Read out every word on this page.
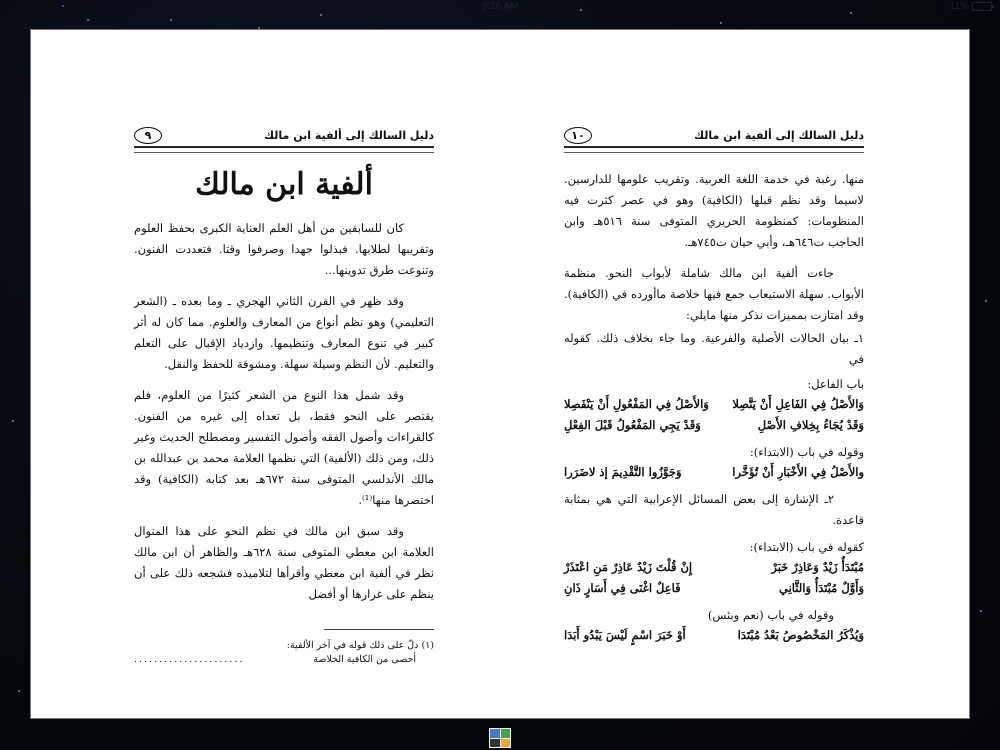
9:26 AM	11%
دليل السالك إلى ألفية ابن مالك
٩
ألفية ابن مالك

كان للسابقين من أهل العلم العناية الكبرى بحفظ العلوم وتقريبها لطلابها. فبذلوا جهدا وصرفوا وقتا. فتعددت الفنون. وتنوعت طرق تدوينها...

وقد ظهر في القرن الثاني الهجري ـ وما بعده ـ (الشعر التعليمي) وهو نظم أنواع من المعارف والعلوم. مما كان له أثر كبير في تنوع المعارف وتنظيمها. وازدياد الإقبال على التعلم والتعليم. لأن النظم وسيلة سهلة. ومشوقة للحفظ والنقل.

وقد شمل هذا النوع من الشعر كثيرًا من العلوم، فلم يقتصر على النحو فقط، بل تعداه إلى غيره من الفنون. كالقراءات وأصول الفقه وأصول التفسير ومصطلح الحديث وغير ذلك، ومن ذلك (الألفية) التي نظمها العلامة محمد بن عبدالله بن مالك الأندلسي المتوفى سنة ٦٧٢هـ بعد كتابه (الكافية) وقد اختصرها منها⁽¹⁾.

وقد سبق ابن مالك في نظم النحو على هذا المنوال العلامة ابن معطي المتوفى سنة ٦٢٨هـ والظاهر أن ابن مالك نظر في ألفية ابن معطي وأقرأها لتلاميذه فشجعه ذلك على أن ينظم على غرارها أو أفضل

(١) دلّ على ذلك قوله في آخر الألفية:
أحصى من الكافية الخلاصة
......................
دليل السالك إلى ألفية ابن مالك
١٠

منها. رغبة في خدمة اللغة العربية. وتقريب علومها للدارسين. لاسيما وقد نظم قبلها (الكافية) وهو في عصر كثرت فيه المنظومات: كمنظومة الحريري المتوفى سنة ٥١٦هـ وابن الحاجب ت٦٤٦هـ، وأبي حيان ت٧٤٥هـ.

جاءت ألفية ابن مالك شاملة لأبواب النحو. منظمة الأبواب. سهلة الاستيعاب جمع فيها خلاصة ماأورده في (الكافية). وقد امتازت بمميزات نذكر منها مايلي:

١ـ بيان الحالات الأصلية والفرعية. وما جاء بخلاف ذلك. كقوله في

باب الفاعل:
وَالأَصْلُ فِي الفَاعِلِ أَنْ يَتَّصِلا
وَالأَصْلُ فِي المَفْعُولِ أَنْ يَنْفَصِلا
وَقَدْ يُجَاءُ بِخِلافِ الأَصْلِ
وَقَدْ يَجِي المَفْعُولُ قَبْلَ الفِعْلِ
وقوله في باب (الابتداء):
والأَصْلُ فِي الأَخْبَارِ أَنْ تُؤَخَّرا
وَجَوَّزُوا التَّقْدِيمَ إذ لاضَرَرا

٢ـ الإشارة إلى بعض المسائل الإعرابية التي هي بمثابة قاعدة.

كقوله في باب (الابتداء):
مُبْتَدَأٌ زَيْدٌ وَعَاذِرٌ خَبَرْ
إِنْ قُلْتَ زَيْدٌ عَاذِرٌ مَنِ اعْتَذَرْ
وَأَوَّلٌ مُبْتَدَأٌ وَالثَّانِي
فَاعِلٌ اغْنَى فِي أَسَارٍ ذَانِ
وقوله في باب (نعم وبئس)
وَيُذْكَرُ المَخْصُوصُ بَعْدُ مُبْتَدَا
أَوْ خَبَرَ اسْمٍ لَيْسَ يَبْدُو أَبَدَا
